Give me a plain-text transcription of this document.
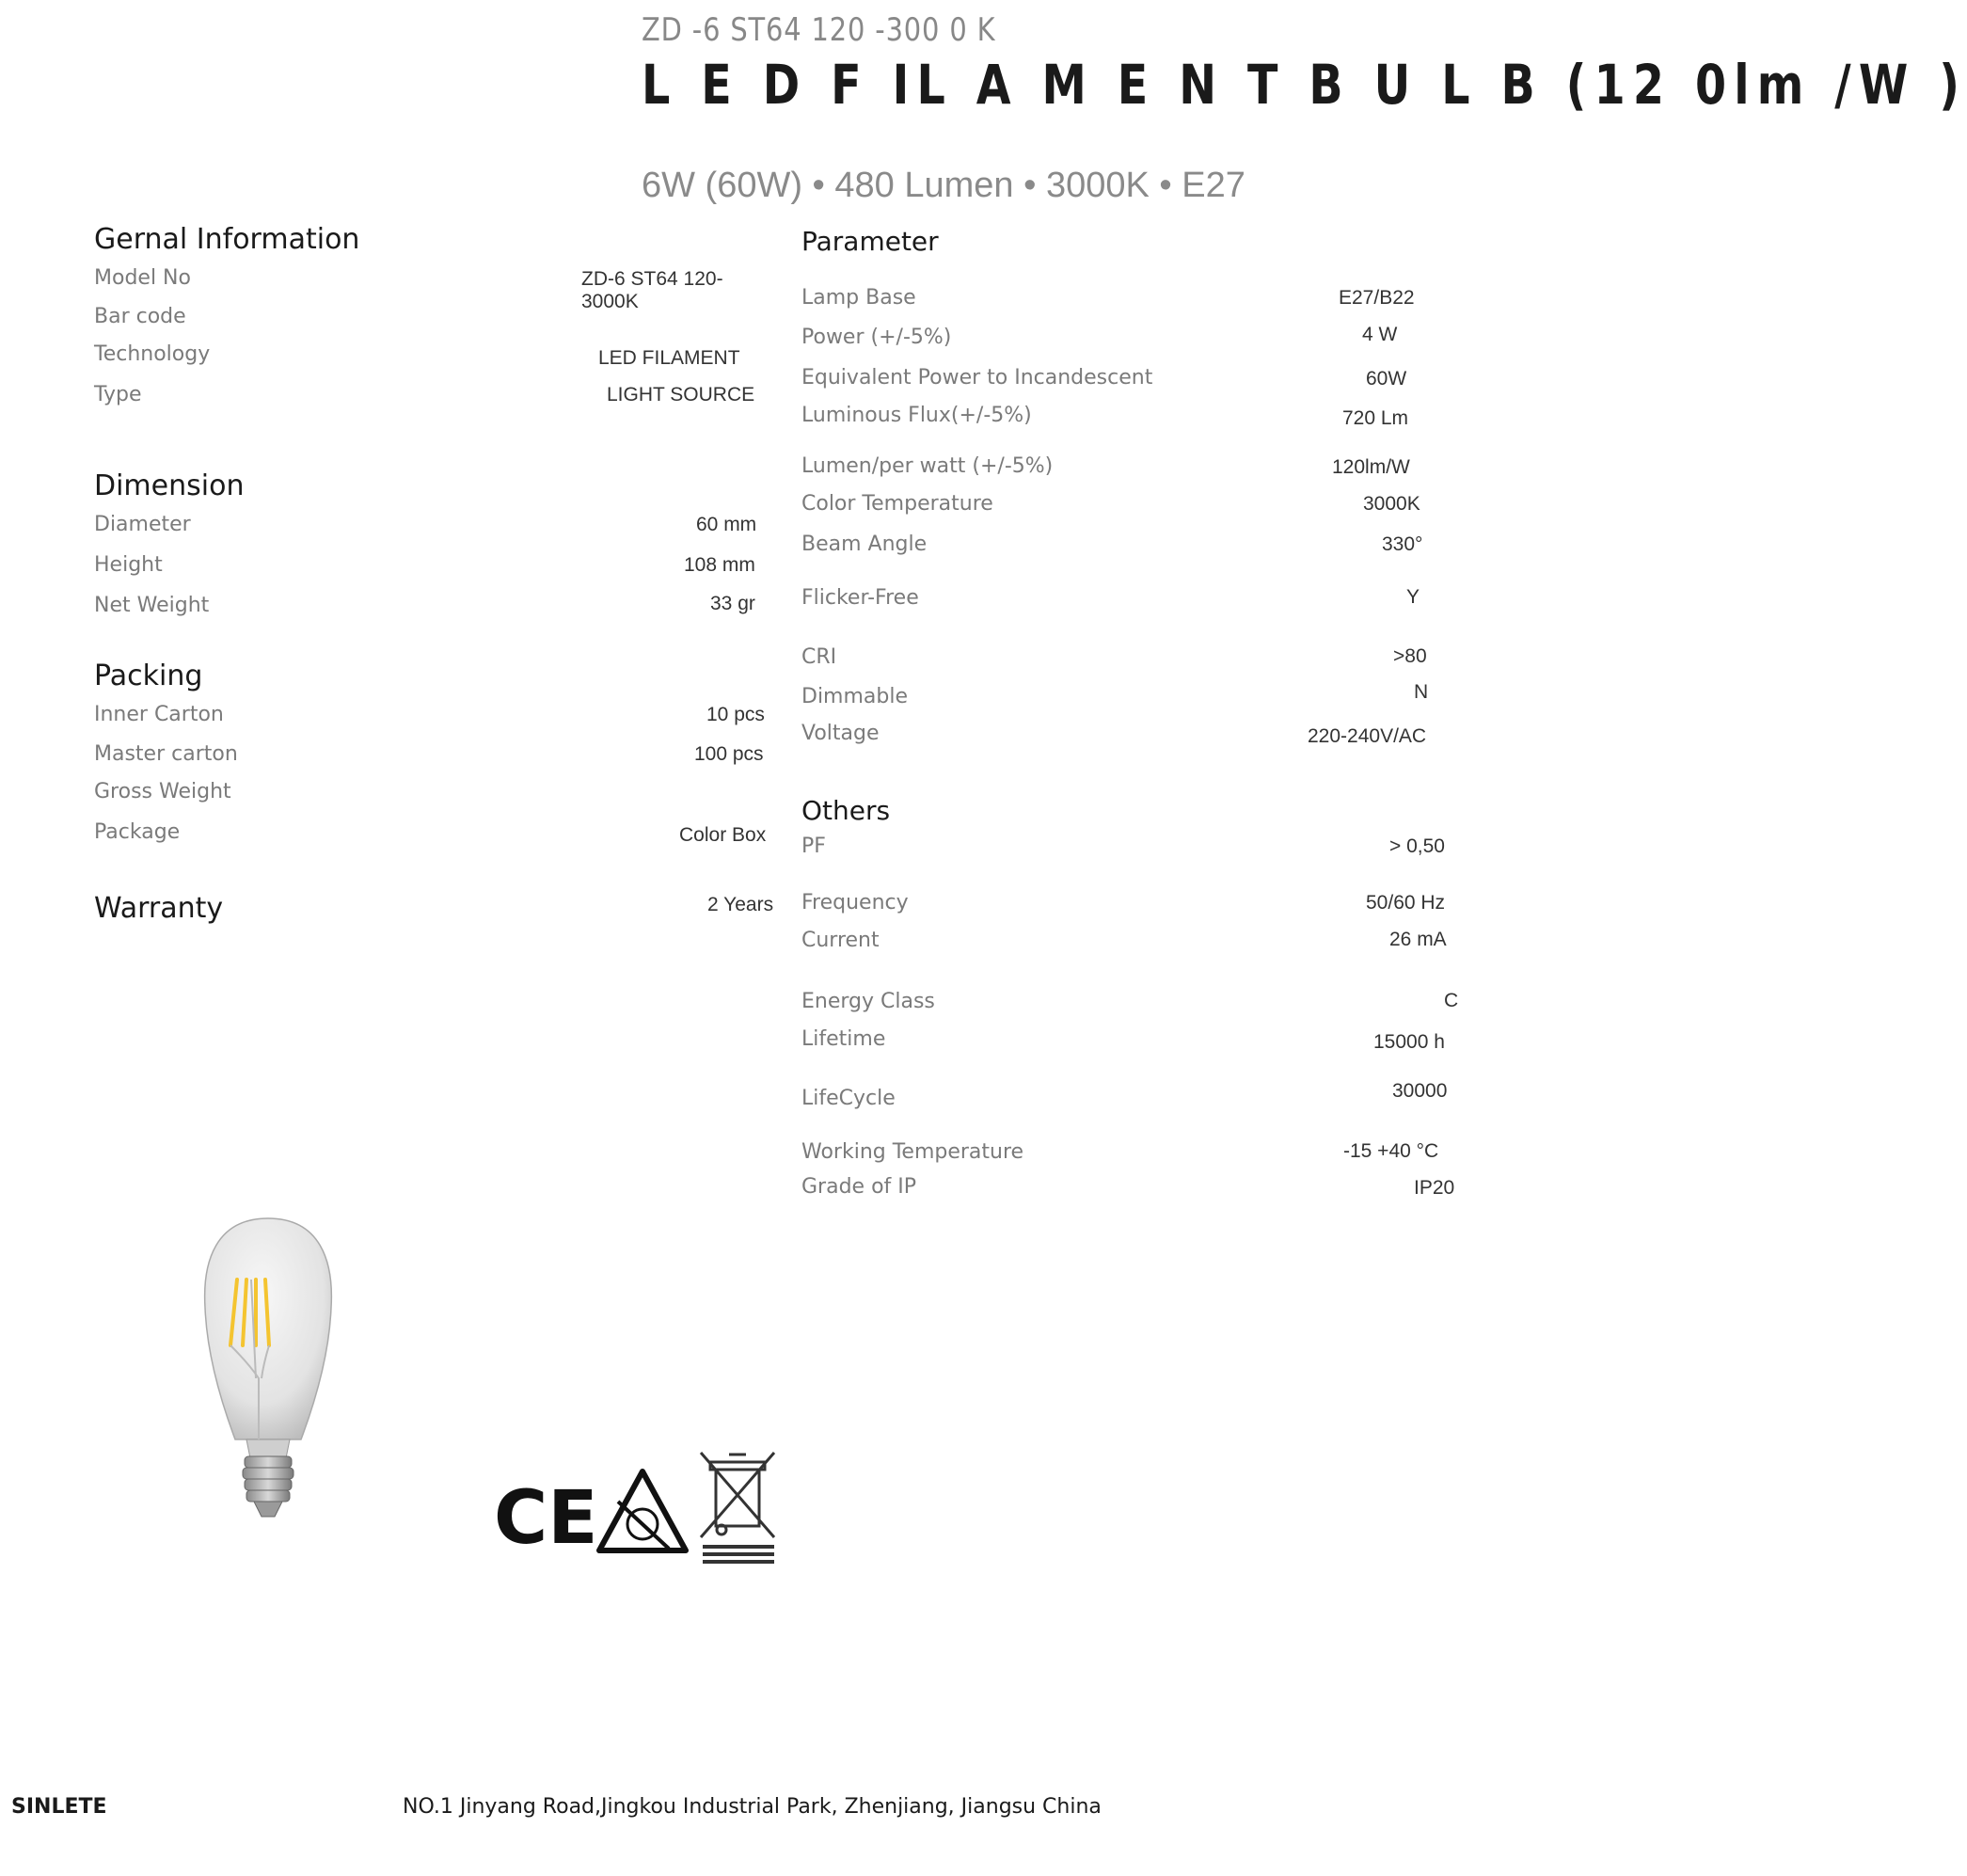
ZD -6 ST64 120 -300 0 K
L E D F IL A M E N T B U L B (12 0lm /W )
6W (60W) • 480 Lumen • 3000K • E27
Gernal Information
Model No	ZD-6 ST64 120-
3000K
Bar code
Technology	LED FILAMENT
Type	LIGHT SOURCE
Dimension
Diameter	60 mm
Height	108 mm
Net Weight	33 gr
Packing
Inner Carton	10 pcs
Master carton	100 pcs
Gross Weight
Package	Color Box
Warranty	2 Years
Parameter
Lamp Base	E27/B22
Power (+/-5%)	4 W
Equivalent Power to Incandescent	60W
Luminous Flux(+/-5%)	720 Lm
Lumen/per watt (+/-5%)	120lm/W
Color Temperature	3000K
Beam Angle	330°
Flicker-Free	Y
CRI	>80
Dimmable	N
Voltage	220-240V/AC
Others
PF	> 0,50
Frequency	50/60 Hz
Current	26 mA
Energy Class	C
Lifetime	15000 h
LifeCycle	30000
Working Temperature	-15 +40 °C
Grade of IP	IP20
CE
SINLETE	NO.1 Jinyang Road,Jingkou Industrial Park, Zhenjiang, Jiangsu China
